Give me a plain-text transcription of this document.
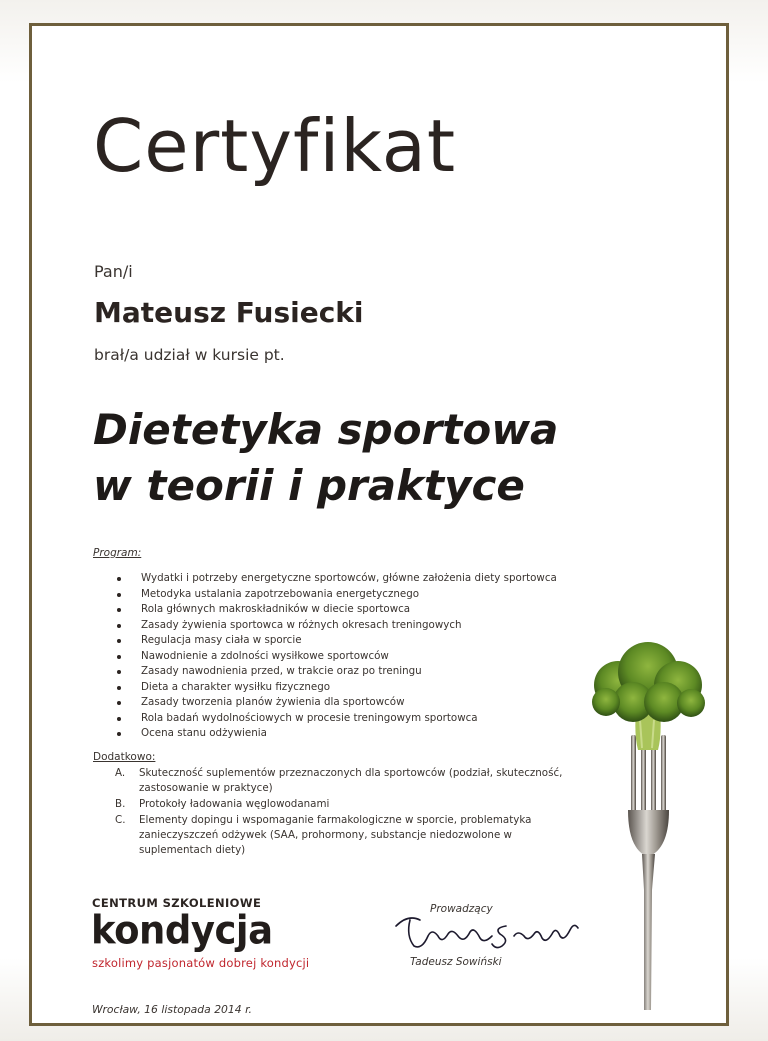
Certyfikat
Pan/i
Mateusz Fusiecki
brał/a udział w kursie pt.
Dietetyka sportowa
w teorii i praktyce
Program:
Wydatki i potrzeby energetyczne sportowców, główne założenia diety sportowca
Metodyka ustalania zapotrzebowania energetycznego
Rola głównych makroskładników w diecie sportowca
Zasady żywienia sportowca w różnych okresach treningowych
Regulacja masy ciała w sporcie
Nawodnienie a zdolności wysiłkowe sportowców
Zasady nawodnienia przed, w trakcie oraz po treningu
Dieta a charakter wysiłku fizycznego
Zasady tworzenia planów żywienia dla sportowców
Rola badań wydolnościowych w procesie treningowym sportowca
Ocena stanu odżywienia
Dodatkowo:
A. Skuteczność suplementów przeznaczonych dla sportowców (podział, skuteczność, zastosowanie w praktyce)
B. Protokoły ładowania węglowodanami
C. Elementy dopingu i wspomaganie farmakologiczne w sporcie, problematyka zanieczyszczeń odżywek (SAA, prohormony, substancje niedozwolone w suplementach diety)
CENTRUM SZKOLENIOWE
kondycja
szkolimy pasjonatów dobrej kondycji
Prowadzący
Tadeusz Sowiński
Wrocław, 16 listopada 2014 r.
